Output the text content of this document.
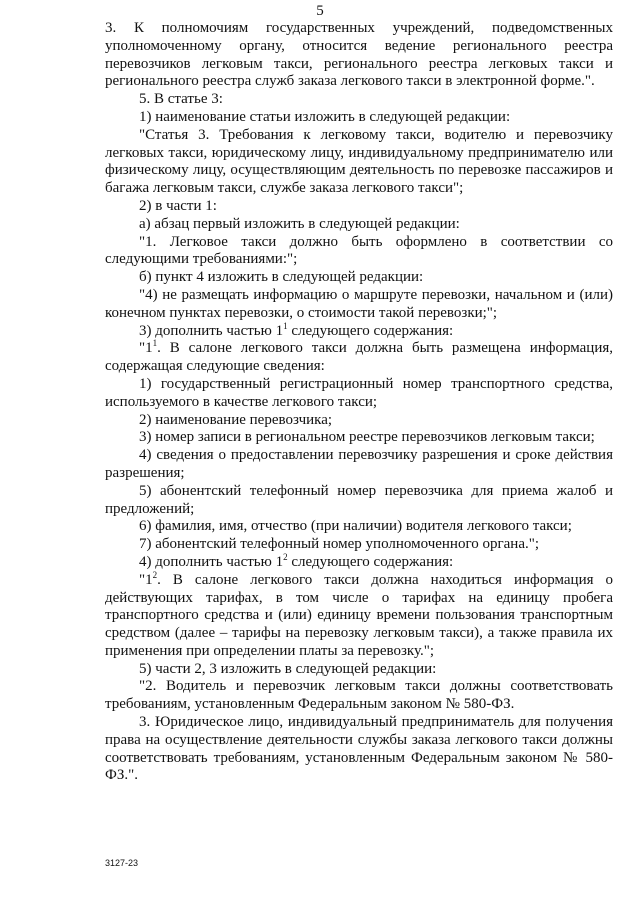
5

3. К полномочиям государственных учреждений, подведомственных уполномоченному органу, относится ведение регионального реестра перевозчиков легковым такси, регионального реестра легковых такси и регионального реестра служб заказа легкового такси в электронной форме.".

5. В статье 3:

1) наименование статьи изложить в следующей редакции:

"Статья 3. Требования к легковому такси, водителю и перевозчику легковых такси, юридическому лицу, индивидуальному предпринимателю или физическому лицу, осуществляющим деятельность по перевозке пассажиров и багажа легковым такси, службе заказа легкового такси";

2) в части 1:

а) абзац первый изложить в следующей редакции:

"1. Легковое такси должно быть оформлено в соответствии со следующими требованиями:";

б) пункт 4 изложить в следующей редакции:

"4) не размещать информацию о маршруте перевозки, начальном и (или) конечном пунктах перевозки, о стоимости такой перевозки;";

3) дополнить частью $1^1$ следующего содержания:

"$1^1$. В салоне легкового такси должна быть размещена информация, содержащая следующие сведения:

1) государственный регистрационный номер транспортного средства, используемого в качестве легкового такси;

2) наименование перевозчика;

3) номер записи в региональном реестре перевозчиков легковым такси;

4) сведения о предоставлении перевозчику разрешения и сроке действия разрешения;

5) абонентский телефонный номер перевозчика для приема жалоб и предложений;

6) фамилия, имя, отчество (при наличии) водителя легкового такси;

7) абонентский телефонный номер уполномоченного органа.";

4) дополнить частью $1^2$ следующего содержания:

"$1^2$. В салоне легкового такси должна находиться информация о действующих тарифах, в том числе о тарифах на единицу пробега транспортного средства и (или) единицу времени пользования транспортным средством (далее – тарифы на перевозку легковым такси), а также правила их применения при определении платы за перевозку.";

5) части 2, 3 изложить в следующей редакции:

"2. Водитель и перевозчик легковым такси должны соответствовать требованиям, установленным Федеральным законом № 580-ФЗ.

3. Юридическое лицо, индивидуальный предприниматель для получения права на осуществление деятельности службы заказа легкового такси должны соответствовать требованиям, установленным Федеральным законом № 580-ФЗ.".

3127-23
